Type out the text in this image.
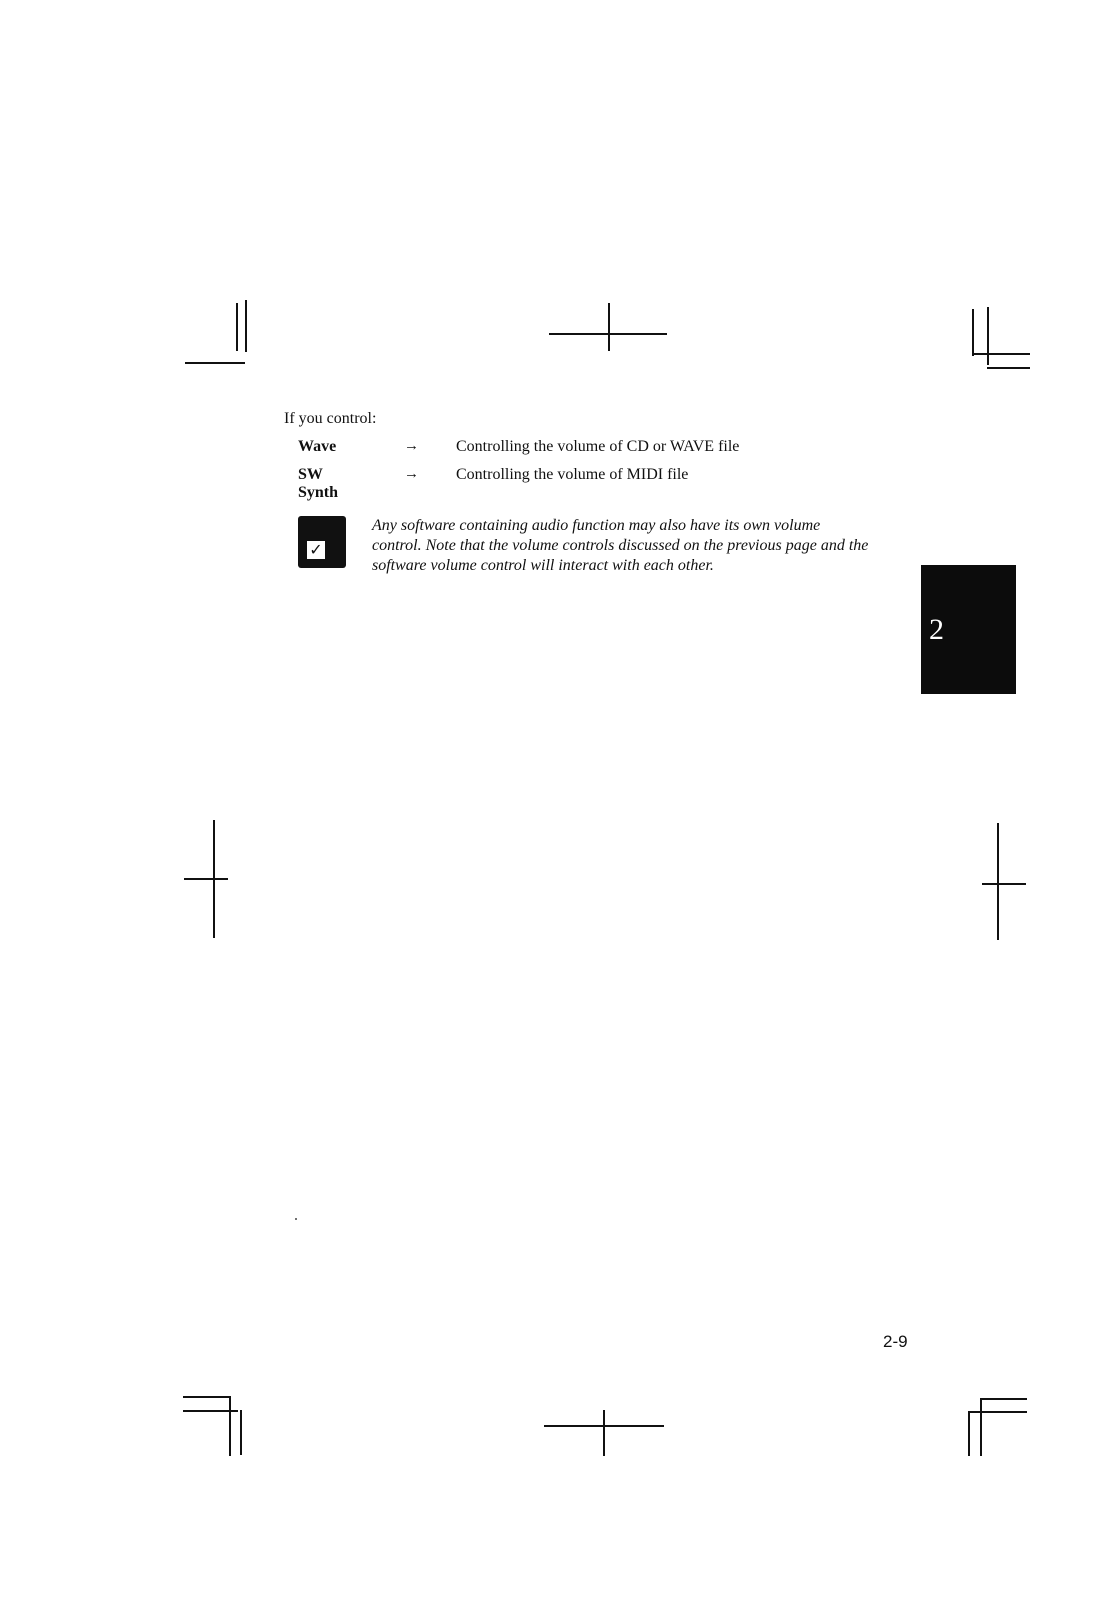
If you control:
Wave	→ Controlling the volume of CD or WAVE file
SW Synth
→ Controlling the volume of MIDI file
✓
Any software containing audio function may also have its own volume control. Note that the volume controls discussed on the previous page and the software volume control will interact with each other.
2
2-9
